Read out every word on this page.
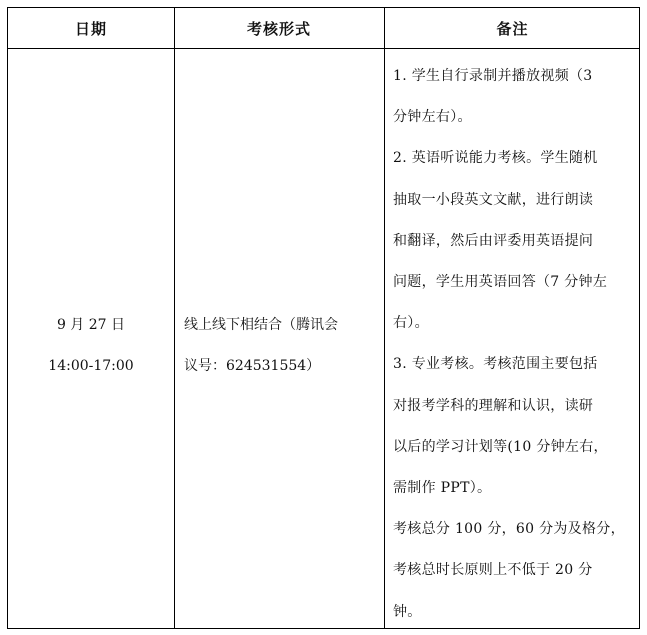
日期	考核形式	备注
9 月 27 日
14:00-17:00
线上线下相结合（腾讯会
议号：624531554）
1. 学生自行录制并播放视频（3
分钟左右）。
2. 英语听说能力考核。学生随机
抽取一小段英文文献，进行朗读
和翻译，然后由评委用英语提问
问题，学生用英语回答（7 分钟左
右）。
3. 专业考核。考核范围主要包括
对报考学科的理解和认识，读研
以后的学习计划等(10 分钟左右，
需制作 PPT）。
考核总分 100 分，60 分为及格分，
考核总时长原则上不低于 20 分
钟。
